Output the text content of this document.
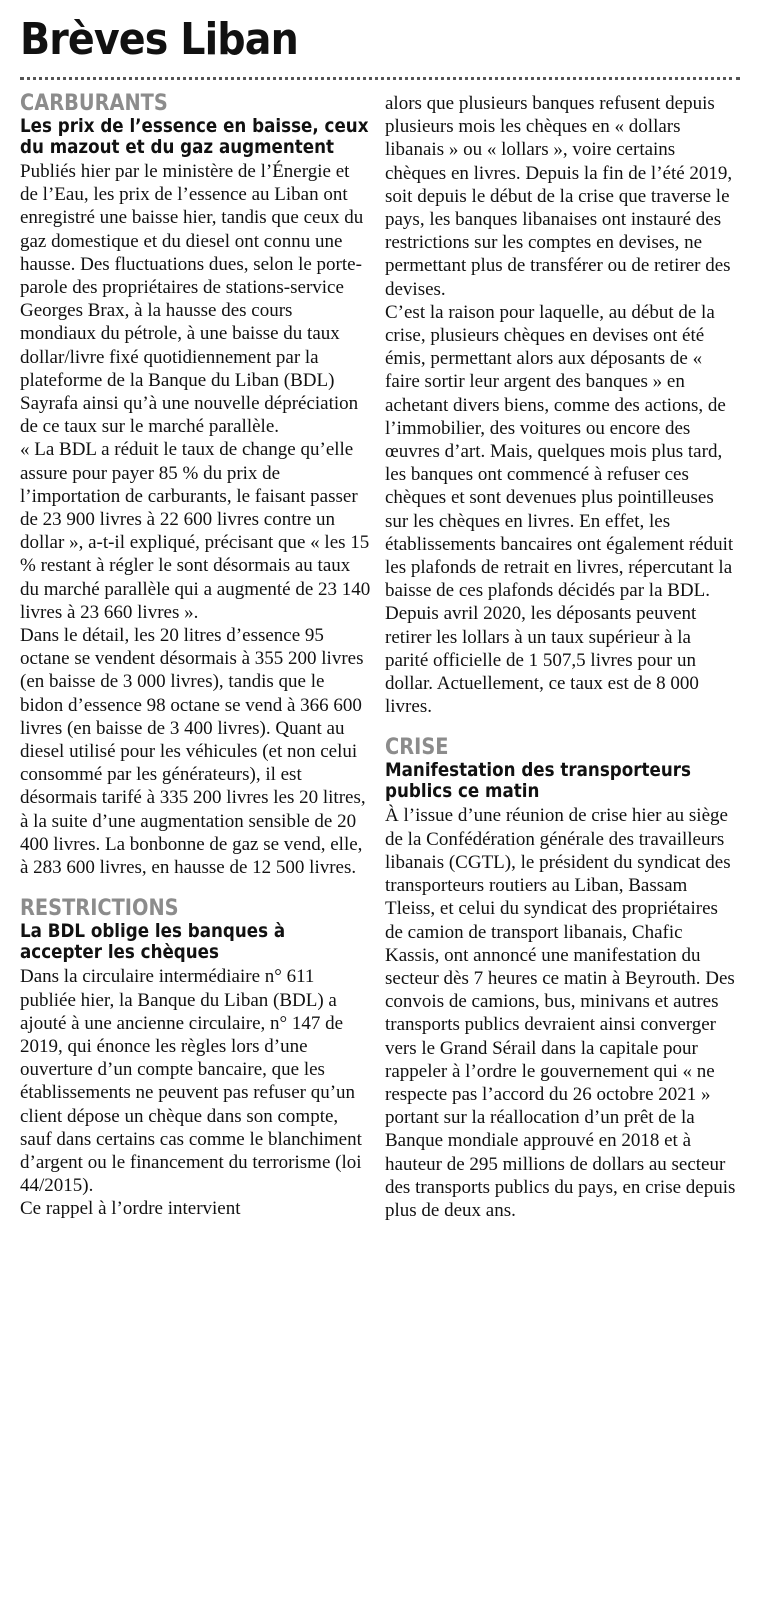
Brèves Liban
CARBURANTS
Les prix de l’essence en baisse, ceux du mazout et du gaz augmentent

Publiés hier par le ministère de l’Énergie et de l’Eau, les prix de l’essence au Liban ont enregistré une baisse hier, tandis que ceux du gaz domestique et du diesel ont connu une hausse. Des fluctuations dues, selon le porte-parole des propriétaires de stations-service Georges Brax, à la hausse des cours mondiaux du pétrole, à une baisse du taux dollar/livre fixé quotidiennement par la plateforme de la Banque du Liban (BDL) Sayrafa ainsi qu’à une nouvelle dépréciation de ce taux sur le marché parallèle.

« La BDL a réduit le taux de change qu’elle assure pour payer 85 % du prix de l’importation de carburants, le faisant passer de 23 900 livres à 22 600 livres contre un dollar », a-t-il expliqué, précisant que « les 15 % restant à régler le sont désormais au taux du marché parallèle qui a augmenté de 23 140 livres à 23 660 livres ».

Dans le détail, les 20 litres d’essence 95 octane se vendent désormais à 355 200 livres (en baisse de 3 000 livres), tandis que le bidon d’essence 98 octane se vend à 366 600 livres (en baisse de 3 400 livres). Quant au diesel utilisé pour les véhicules (et non celui consommé par les générateurs), il est désormais tarifé à 335 200 livres les 20 litres, à la suite d’une augmentation sensible de 20 400 livres. La bonbonne de gaz se vend, elle, à 283 600 livres, en hausse de 12 500 livres.

RESTRICTIONS
La BDL oblige les banques à accepter les chèques

Dans la circulaire intermédiaire n° 611 publiée hier, la Banque du Liban (BDL) a ajouté à une ancienne circulaire, n° 147 de 2019, qui énonce les règles lors d’une ouverture d’un compte bancaire, que les établissements ne peuvent pas refuser qu’un client dépose un chèque dans son compte, sauf dans certains cas comme le blanchiment d’argent ou le financement du terrorisme (loi 44/2015).

Ce rappel à l’ordre intervient

alors que plusieurs banques refusent depuis plusieurs mois les chèques en « dollars libanais » ou « lollars », voire certains chèques en livres. Depuis la fin de l’été 2019, soit depuis le début de la crise que traverse le pays, les banques libanaises ont instauré des restrictions sur les comptes en devises, ne permettant plus de transférer ou de retirer des devises.

C’est la raison pour laquelle, au début de la crise, plusieurs chèques en devises ont été émis, permettant alors aux déposants de « faire sortir leur argent des banques » en achetant divers biens, comme des actions, de l’immobilier, des voitures ou encore des œuvres d’art. Mais, quelques mois plus tard, les banques ont commencé à refuser ces chèques et sont devenues plus pointilleuses sur les chèques en livres. En effet, les établissements bancaires ont également réduit les plafonds de retrait en livres, répercutant la baisse de ces plafonds décidés par la BDL.

Depuis avril 2020, les déposants peuvent retirer les lollars à un taux supérieur à la parité officielle de 1 507,5 livres pour un dollar. Actuellement, ce taux est de 8 000 livres.

CRISE
Manifestation des transporteurs publics ce matin

À l’issue d’une réunion de crise hier au siège de la Confédération générale des travailleurs libanais (CGTL), le président du syndicat des transporteurs routiers au Liban, Bassam Tleiss, et celui du syndicat des propriétaires de camion de transport libanais, Chafic Kassis, ont annoncé une manifestation du secteur dès 7 heures ce matin à Beyrouth. Des convois de camions, bus, minivans et autres transports publics devraient ainsi converger vers le Grand Sérail dans la capitale pour rappeler à l’ordre le gouvernement qui « ne respecte pas l’accord du 26 octobre 2021 » portant sur la réallocation d’un prêt de la Banque mondiale approuvé en 2018 et à hauteur de 295 millions de dollars au secteur des transports publics du pays, en crise depuis plus de deux ans.
